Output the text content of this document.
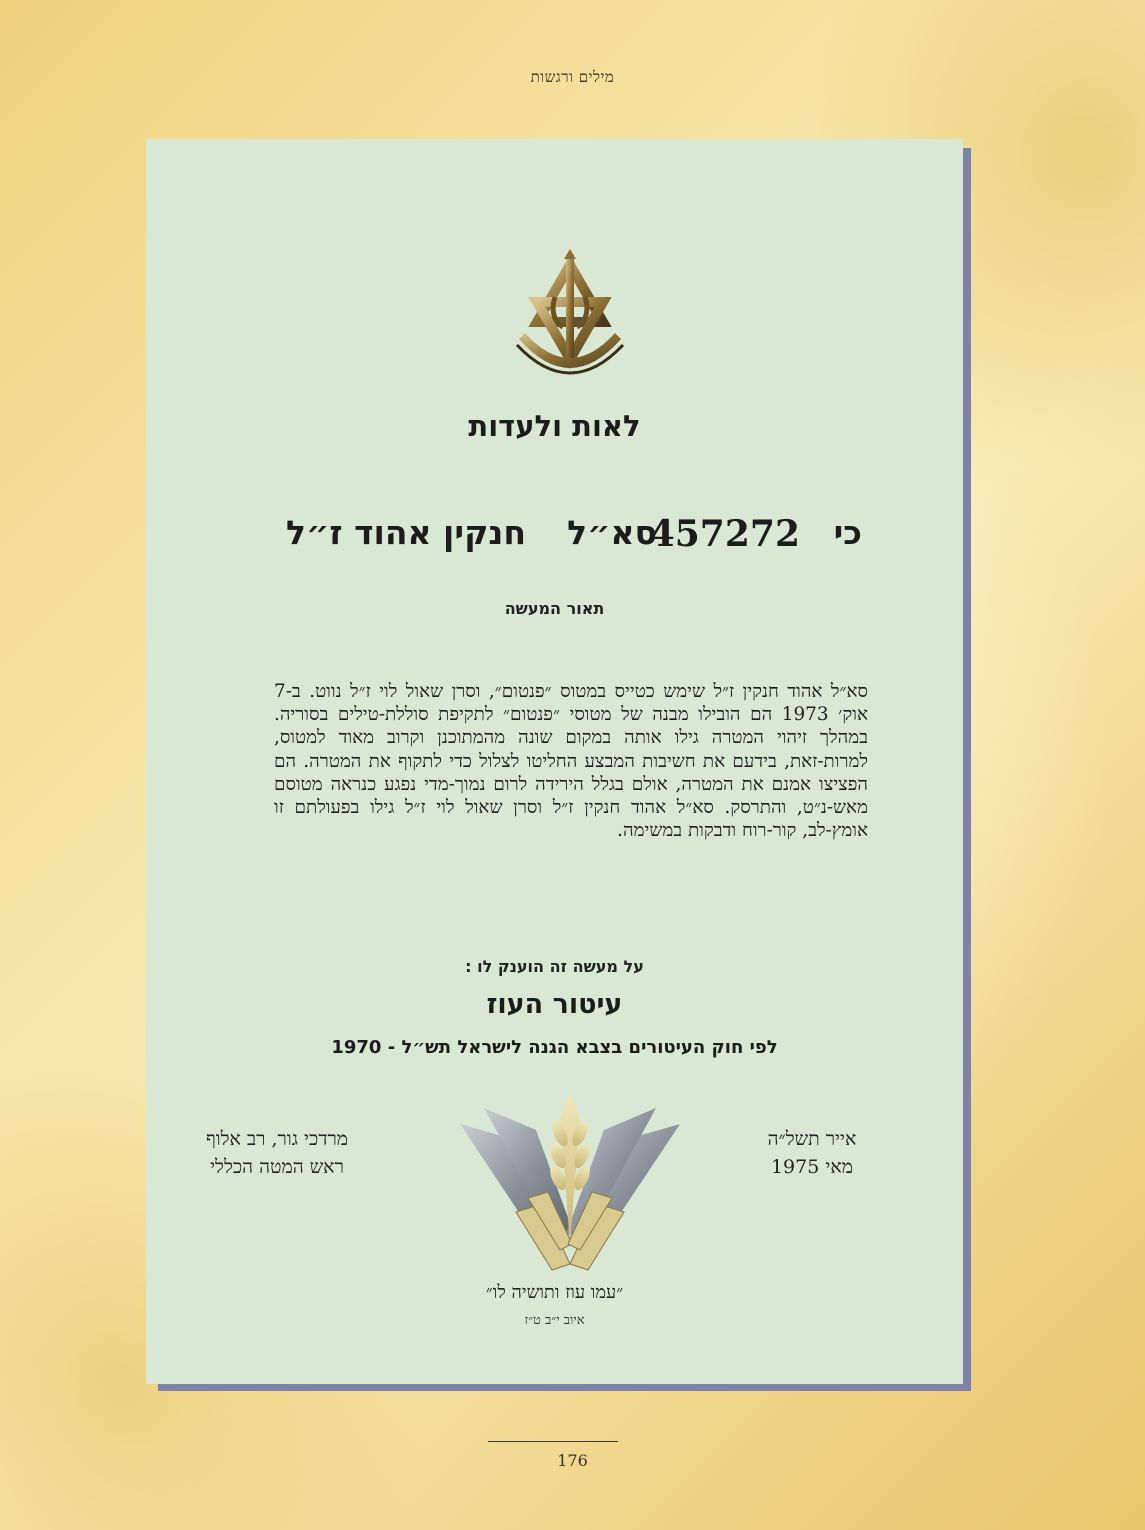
מילים ורגשות
לאות ולעדות
כי
457272
סא״ל
חנקין אהוד ז״ל
תאור המעשה
סא״ל אהוד חנקין ז״ל שימש כטייס במטוס ״פנטום״, וסרן שאול לוי ז״ל נווט. ב-7 אוק׳ 1973 הם הובילו מבנה של מטוסי ״פנטום״ לתקיפת סוללת-טילים בסוריה. במהלך זיהוי המטרה גילו אותה במקום שונה מהמתוכנן וקרוב מאוד למטוס, למרות-זאת, בידעם את חשיבות המבצע החליטו לצלול כדי לתקוף את המטרה. הם הפציצו אמנם את המטרה, אולם בגלל הירידה לרום נמוך-מדי נפגע כנראה מטוסם מאש-נ״ט, והתרסק. סא״ל אהוד חנקין ז״ל וסרן שאול לוי ז״ל גילו בפעולתם זו אומץ-לב, קור-רוח ודבקות במשימה.
על מעשה זה הוענק לו :
עיטור העוז
לפי חוק העיטורים בצבא הגנה לישראל תש״ל - 1970
אייר תשל״ה
מאי 1975
מרדכי גור, רב אלוף
ראש המטה הכללי
״עמו עוז ותושיה לו״
איוב י״ב ט״ז
176
